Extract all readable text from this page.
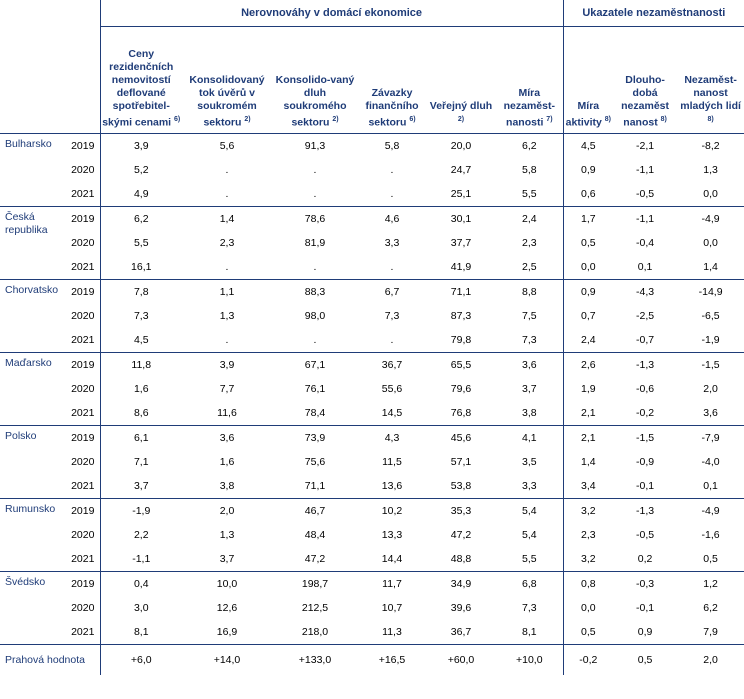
		Nerovnováhy v domácí ekonomice						Ukazatele nezaměstnanosti		
		Ceny rezidenčních nemovitostí deflované spotřebitel-skými cenami $^{6)}$	Konsolidovaný tok úvěrů v soukromém sektoru $^{2)}$	Konsolido-vaný dluh soukromého sektoru $^{2)}$	Závazky finančního sektoru $^{6)}$	Veřejný dluh $^{2)}$	Míra nezaměst-nanosti $^{7)}$	Míra aktivity $^{8)}$	Dlouho-dobá nezaměst nanost $^{8)}$	Nezaměst-nanost mladých lidí $^{8)}$
Bulharsko	2019	3,9	5,6	91,3	5,8	20,0	6,2	4,5	-2,1	-8,2
	2020	5,2	.	.	.	24,7	5,8	0,9	-1,1	1,3
	2021	4,9	.	.	.	25,1	5,5	0,6	-0,5	0,0
Česká republika	2019	6,2	1,4	78,6	4,6	30,1	2,4	1,7	-1,1	-4,9
	2020	5,5	2,3	81,9	3,3	37,7	2,3	0,5	-0,4	0,0
	2021	16,1	.	.	.	41,9	2,5	0,0	0,1	1,4
Chorvatsko	2019	7,8	1,1	88,3	6,7	71,1	8,8	0,9	-4,3	-14,9
	2020	7,3	1,3	98,0	7,3	87,3	7,5	0,7	-2,5	-6,5
	2021	4,5	.	.	.	79,8	7,3	2,4	-0,7	-1,9
Maďarsko	2019	11,8	3,9	67,1	36,7	65,5	3,6	2,6	-1,3	-1,5
	2020	1,6	7,7	76,1	55,6	79,6	3,7	1,9	-0,6	2,0
	2021	8,6	11,6	78,4	14,5	76,8	3,8	2,1	-0,2	3,6
Polsko	2019	6,1	3,6	73,9	4,3	45,6	4,1	2,1	-1,5	-7,9
	2020	7,1	1,6	75,6	11,5	57,1	3,5	1,4	-0,9	-4,0
	2021	3,7	3,8	71,1	13,6	53,8	3,3	3,4	-0,1	0,1
Rumunsko	2019	-1,9	2,0	46,7	10,2	35,3	5,4	3,2	-1,3	-4,9
	2020	2,2	1,3	48,4	13,3	47,2	5,4	2,3	-0,5	-1,6
	2021	-1,1	3,7	47,2	14,4	48,8	5,5	3,2	0,2	0,5
Švédsko	2019	0,4	10,0	198,7	11,7	34,9	6,8	0,8	-0,3	1,2
	2020	3,0	12,6	212,5	10,7	39,6	7,3	0,0	-0,1	6,2
	2021	8,1	16,9	218,0	11,3	36,7	8,1	0,5	0,9	7,9
Prahová hodnota		+6,0	+14,0	+133,0	+16,5	+60,0	+10,0	-0,2	0,5	2,0
